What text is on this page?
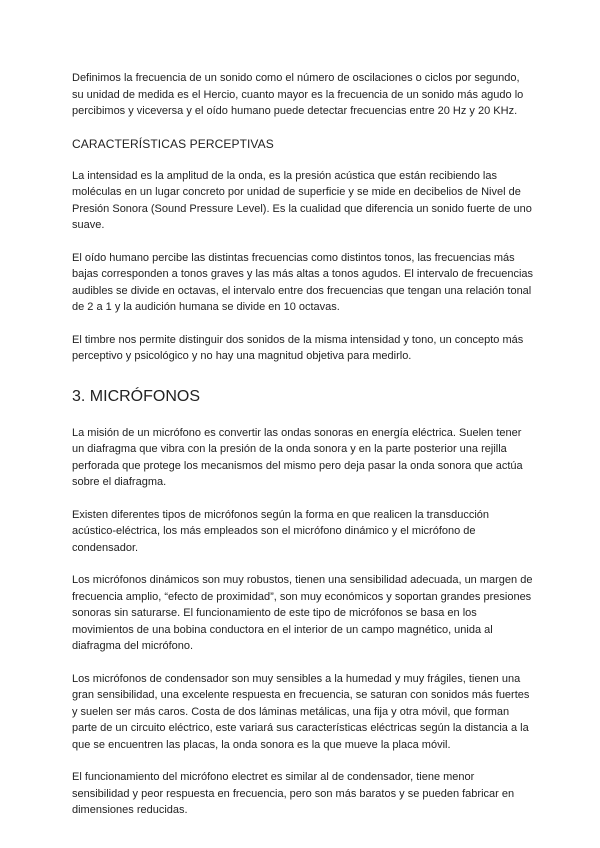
Definimos la frecuencia de un sonido como el número de oscilaciones o ciclos por segundo, su unidad de medida es el Hercio, cuanto mayor es la frecuencia de un sonido más agudo lo percibimos y viceversa y el oído humano puede detectar frecuencias entre 20 Hz y 20 KHz.

CARACTERÍSTICAS PERCEPTIVAS

La intensidad es la amplitud de la onda, es la presión acústica que están recibiendo las moléculas en un lugar concreto por unidad de superficie y se mide en decibelios de Nivel de Presión Sonora (Sound Pressure Level). Es la cualidad que diferencia un sonido fuerte de uno suave.

El oído humano percibe las distintas frecuencias como distintos tonos, las frecuencias más bajas corresponden a tonos graves y las más altas a tonos agudos. El intervalo de frecuencias audibles se divide en octavas, el intervalo entre dos frecuencias que tengan una relación tonal de 2 a 1 y la audición humana se divide en 10 octavas.

El timbre nos permite distinguir dos sonidos de la misma intensidad y tono, un concepto más perceptivo y psicológico y no hay una magnitud objetiva para medirlo.

3. MICRÓFONOS

La misión de un micrófono es convertir las ondas sonoras en energía eléctrica. Suelen tener un diafragma que vibra con la presión de la onda sonora y en la parte posterior una rejilla perforada que protege los mecanismos del mismo pero deja pasar la onda sonora que actúa sobre el diafragma.

Existen diferentes tipos de micrófonos según la forma en que realicen la transducción acústico-eléctrica, los más empleados son el micrófono dinámico y el micrófono de condensador.

Los micrófonos dinámicos son muy robustos, tienen una sensibilidad adecuada, un margen de frecuencia amplio, “efecto de proximidad”, son muy económicos y soportan grandes presiones sonoras sin saturarse. El funcionamiento de este tipo de micrófonos se basa en los movimientos de una bobina conductora en el interior de un campo magnético, unida al diafragma del micrófono.

Los micrófonos de condensador son muy sensibles a la humedad y muy frágiles, tienen una gran sensibilidad, una excelente respuesta en frecuencia, se saturan con sonidos más fuertes y suelen ser más caros. Costa de dos láminas metálicas, una fija y otra móvil, que forman parte de un circuito eléctrico, este variará sus características eléctricas según la distancia a la que se encuentren las placas, la onda sonora es la que mueve la placa móvil.

El funcionamiento del micrófono electret es similar al de condensador, tiene menor sensibilidad y peor respuesta en frecuencia, pero son más baratos y se pueden fabricar en dimensiones reducidas.
